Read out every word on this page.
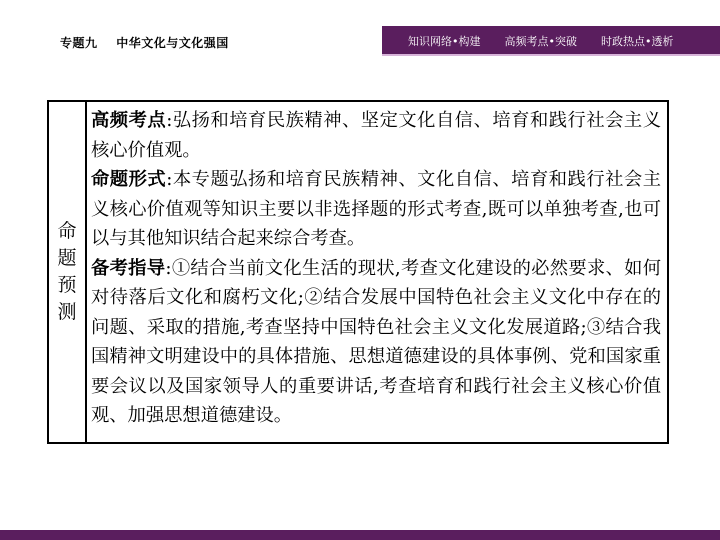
专题九    中华文化与文化强国	知识网络•构建	高频考点•突破	时政热点•透析
命
题
预
测

高频考点:弘扬和培育民族精神、坚定文化自信、培育和践行社会主义核心价值观。

命题形式:本专题弘扬和培育民族精神、文化自信、培育和践行社会主义核心价值观等知识主要以非选择题的形式考查,既可以单独考查,也可以与其他知识结合起来综合考查。

备考指导:①结合当前文化生活的现状,考查文化建设的必然要求、如何对待落后文化和腐朽文化;②结合发展中国特色社会主义文化中存在的问题、采取的措施,考查坚持中国特色社会主义文化发展道路;③结合我国精神文明建设中的具体措施、思想道德建设的具体事例、党和国家重要会议以及国家领导人的重要讲话,考查培育和践行社会主义核心价值观、加强思想道德建设。
